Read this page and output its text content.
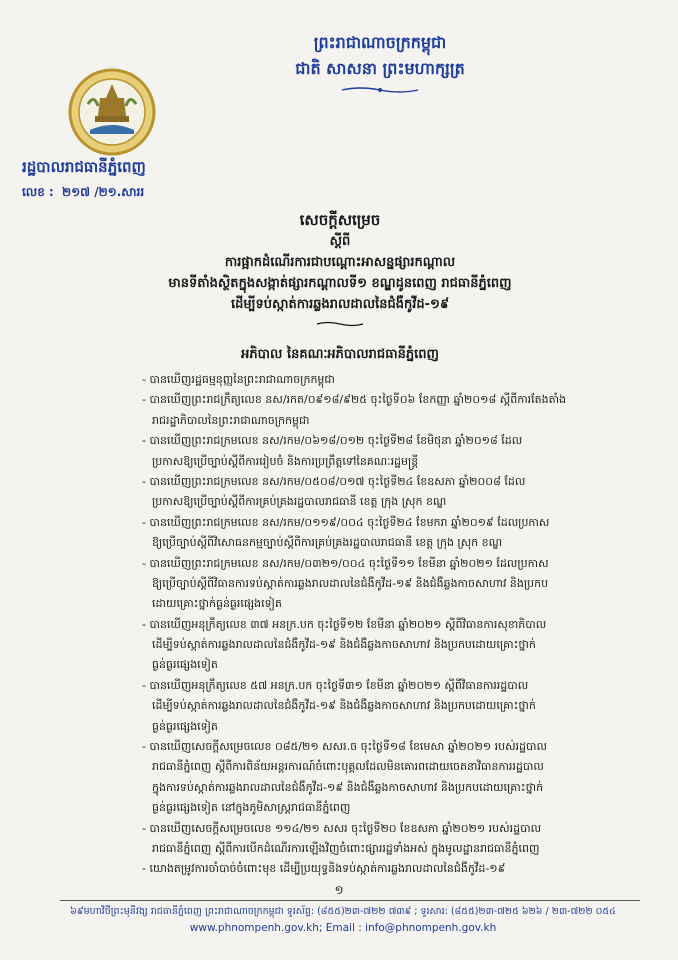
ព្រះរាជាណាចក្រកម្ពុជា
ជាតិ សាសនា ព្រះមហាក្សត្រ
រដ្ឋបាលរាជធានីភ្នំពេញ
លេខ : ២១៧ /២១.សាររ
សេចក្ដីសម្រេច
ស្ដីពី
ការផ្អាកដំណើរការជាបណ្ដោះអាសន្នផ្សារកណ្ដាល
មានទីតាំងស្ថិតក្នុងសង្កាត់ផ្សារកណ្ដាលទី១ ខណ្ឌដូនពេញ រាជធានីភ្នំពេញ
ដើម្បីទប់ស្កាត់ការឆ្លងរាលដាលនៃជំងឺកូវីដ-១៩
អភិបាល នៃគណៈអភិបាលរាជធានីភ្នំពេញ
- បានឃើញរដ្ឋធម្មនុញ្ញនៃព្រះរាជាណាចក្រកម្ពុជា
- បានឃើញព្រះរាជក្រឹត្យលេខ នស/រកត/០៩១៨/៩២៥ ចុះថ្ងៃទី០៦ ខែកញ្ញា ឆ្នាំ២០១៨ ស្ដីពីការតែងតាំង
រាជរដ្ឋាភិបាលនៃព្រះរាជាណាចក្រកម្ពុជា
- បានឃើញព្រះរាជក្រមលេខ នស/រកម/០៦១៨/០១២ ចុះថ្ងៃទី២៨ ខែមិថុនា ឆ្នាំ២០១៨ ដែល
ប្រកាសឱ្យប្រើច្បាប់ស្ដីពីការរៀបចំ និងការប្រព្រឹត្តទៅនៃគណៈរដ្ឋមន្ត្រី
- បានឃើញព្រះរាជក្រមលេខ នស/រកម/០៥០៨/០១៧ ចុះថ្ងៃទី២៤ ខែឧសភា ឆ្នាំ២០០៨ ដែល
ប្រកាសឱ្យប្រើច្បាប់ស្ដីពីការគ្រប់គ្រងរដ្ឋបាលរាជធានី ខេត្ត ក្រុង ស្រុក ខណ្ឌ
- បានឃើញព្រះរាជក្រមលេខ នស/រកម/០១១៩/០០៤ ចុះថ្ងៃទី២៤ ខែមករា ឆ្នាំ២០១៩ ដែលប្រកាស
ឱ្យប្រើច្បាប់ស្ដីពីវិសោធនកម្មច្បាប់ស្ដីពីការគ្រប់គ្រងរដ្ឋបាលរាជធានី ខេត្ត ក្រុង ស្រុក ខណ្ឌ
- បានឃើញព្រះរាជក្រមលេខ នស/រកម/០៣២១/០០៤ ចុះថ្ងៃទី១១ ខែមីនា ឆ្នាំ២០២១ ដែលប្រកាស
ឱ្យប្រើច្បាប់ស្ដីពីវិធានការទប់ស្កាត់ការឆ្លងរាលដាលនៃជំងឺកូវីដ-១៩ និងជំងឺឆ្លងកាចសាហាវ និងប្រកប
ដោយគ្រោះថ្នាក់ធ្ងន់ធ្ងរផ្សេងទៀត
- បានឃើញអនុក្រឹត្យលេខ ៣៧ អនក្រ.បក ចុះថ្ងៃទី១២ ខែមីនា ឆ្នាំ២០២១ ស្ដីពីវិធានការសុខាភិបាល
ដើម្បីទប់ស្កាត់ការឆ្លងរាលដាលនៃជំងឺកូវីដ-១៩ និងជំងឺឆ្លងកាចសាហាវ និងប្រកបដោយគ្រោះថ្នាក់
ធ្ងន់ធ្ងរផ្សេងទៀត
- បានឃើញអនុក្រឹត្យលេខ ៥៧ អនក្រ.បក ចុះថ្ងៃទី៣១ ខែមីនា ឆ្នាំ២០២១ ស្ដីពីវិធានការរដ្ឋបាល
ដើម្បីទប់ស្កាត់ការឆ្លងរាលដាលនៃជំងឺកូវីដ-១៩ និងជំងឺឆ្លងកាចសាហាវ និងប្រកបដោយគ្រោះថ្នាក់
ធ្ងន់ធ្ងរផ្សេងទៀត
- បានឃើញសេចក្ដីសម្រេចលេខ ០៨៥/២១ សសរ.ច ចុះថ្ងៃទី១៨ ខែមេសា ឆ្នាំ២០២១ របស់រដ្ឋបាល
រាជធានីភ្នំពេញ ស្ដីពីការពិន័យអន្តរការណ៍ចំពោះបុគ្គលដែលមិនគោរពដោយចេតនាវិធានការរដ្ឋបាល
ក្នុងការទប់ស្កាត់ការឆ្លងរាលដាលនៃជំងឺកូវីដ-១៩ និងជំងឺឆ្លងកាចសាហាវ និងប្រកបដោយគ្រោះថ្នាក់
ធ្ងន់ធ្ងរផ្សេងទៀត នៅក្នុងភូមិសាស្ត្ររាជធានីភ្នំពេញ
- បានឃើញសេចក្ដីសម្រេចលេខ ១១៤/២១ សសរ ចុះថ្ងៃទី២០ ខែឧសភា ឆ្នាំ២០២១ របស់រដ្ឋបាល
រាជធានីភ្នំពេញ ស្ដីពីការបើកដំណើរការឡើងវិញចំពោះផ្សាររដ្ឋទាំងអស់ ក្នុងមូលដ្ឋានរាជធានីភ្នំពេញ
- យោងតម្រូវការចាំបាច់ចំពោះមុខ ដើម្បីប្រយុទ្ធនិងទប់ស្កាត់ការឆ្លងរាលដាលនៃជំងឺកូវីដ-១៩
១
៦៩មហាវិថីព្រះមុនីវង្ស រាជធានីភ្នំពេញ ព្រះរាជាណាចក្រកម្ពុជា ទូរស័ព្ទ: (៨៥៥)២៣-៧២២ ៧៣៩ ; ទូរសារ: (៨៥៥)២៣-៧២៥ ៦២៦ / ២៣-៧២២ ០៥៤
www.phnompenh.gov.kh; Email : info@phnompenh.gov.kh
